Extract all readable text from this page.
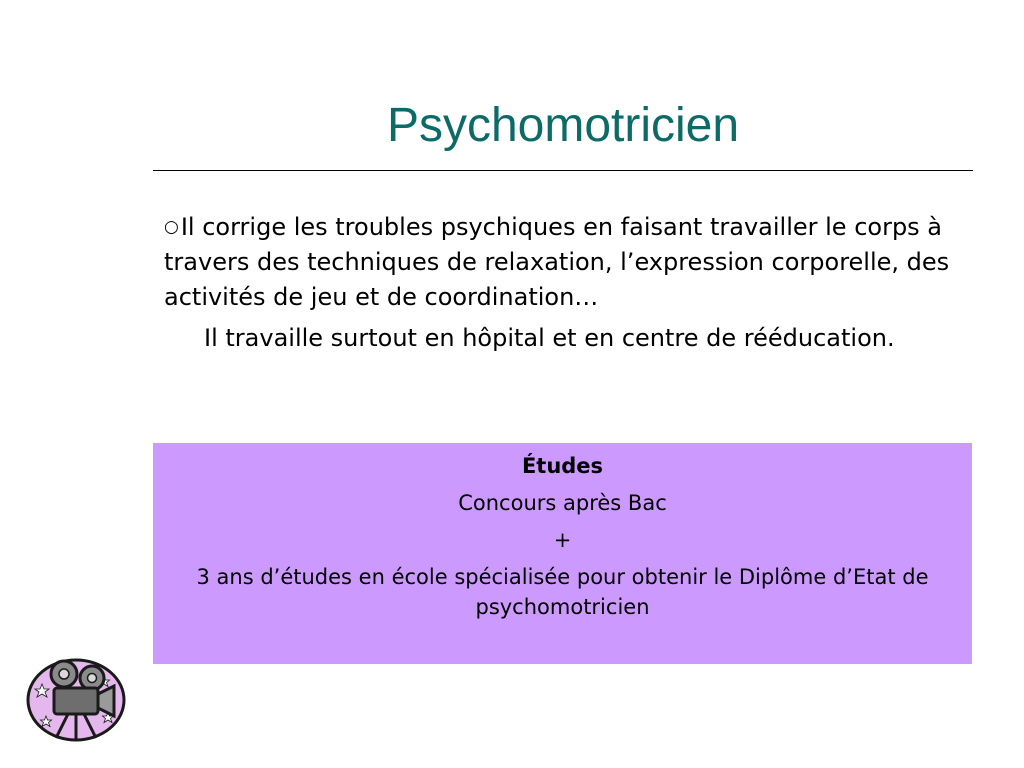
Psychomotricien

○Il corrige les troubles psychiques en faisant travailler le corps à travers des techniques de relaxation, l’expression corporelle, des activités de jeu et de coordination…

Il travaille surtout en hôpital et en centre de rééducation.

Études

Concours après Bac

+

3 ans d’études en école spécialisée pour obtenir le Diplôme d’Etat de psychomotricien
